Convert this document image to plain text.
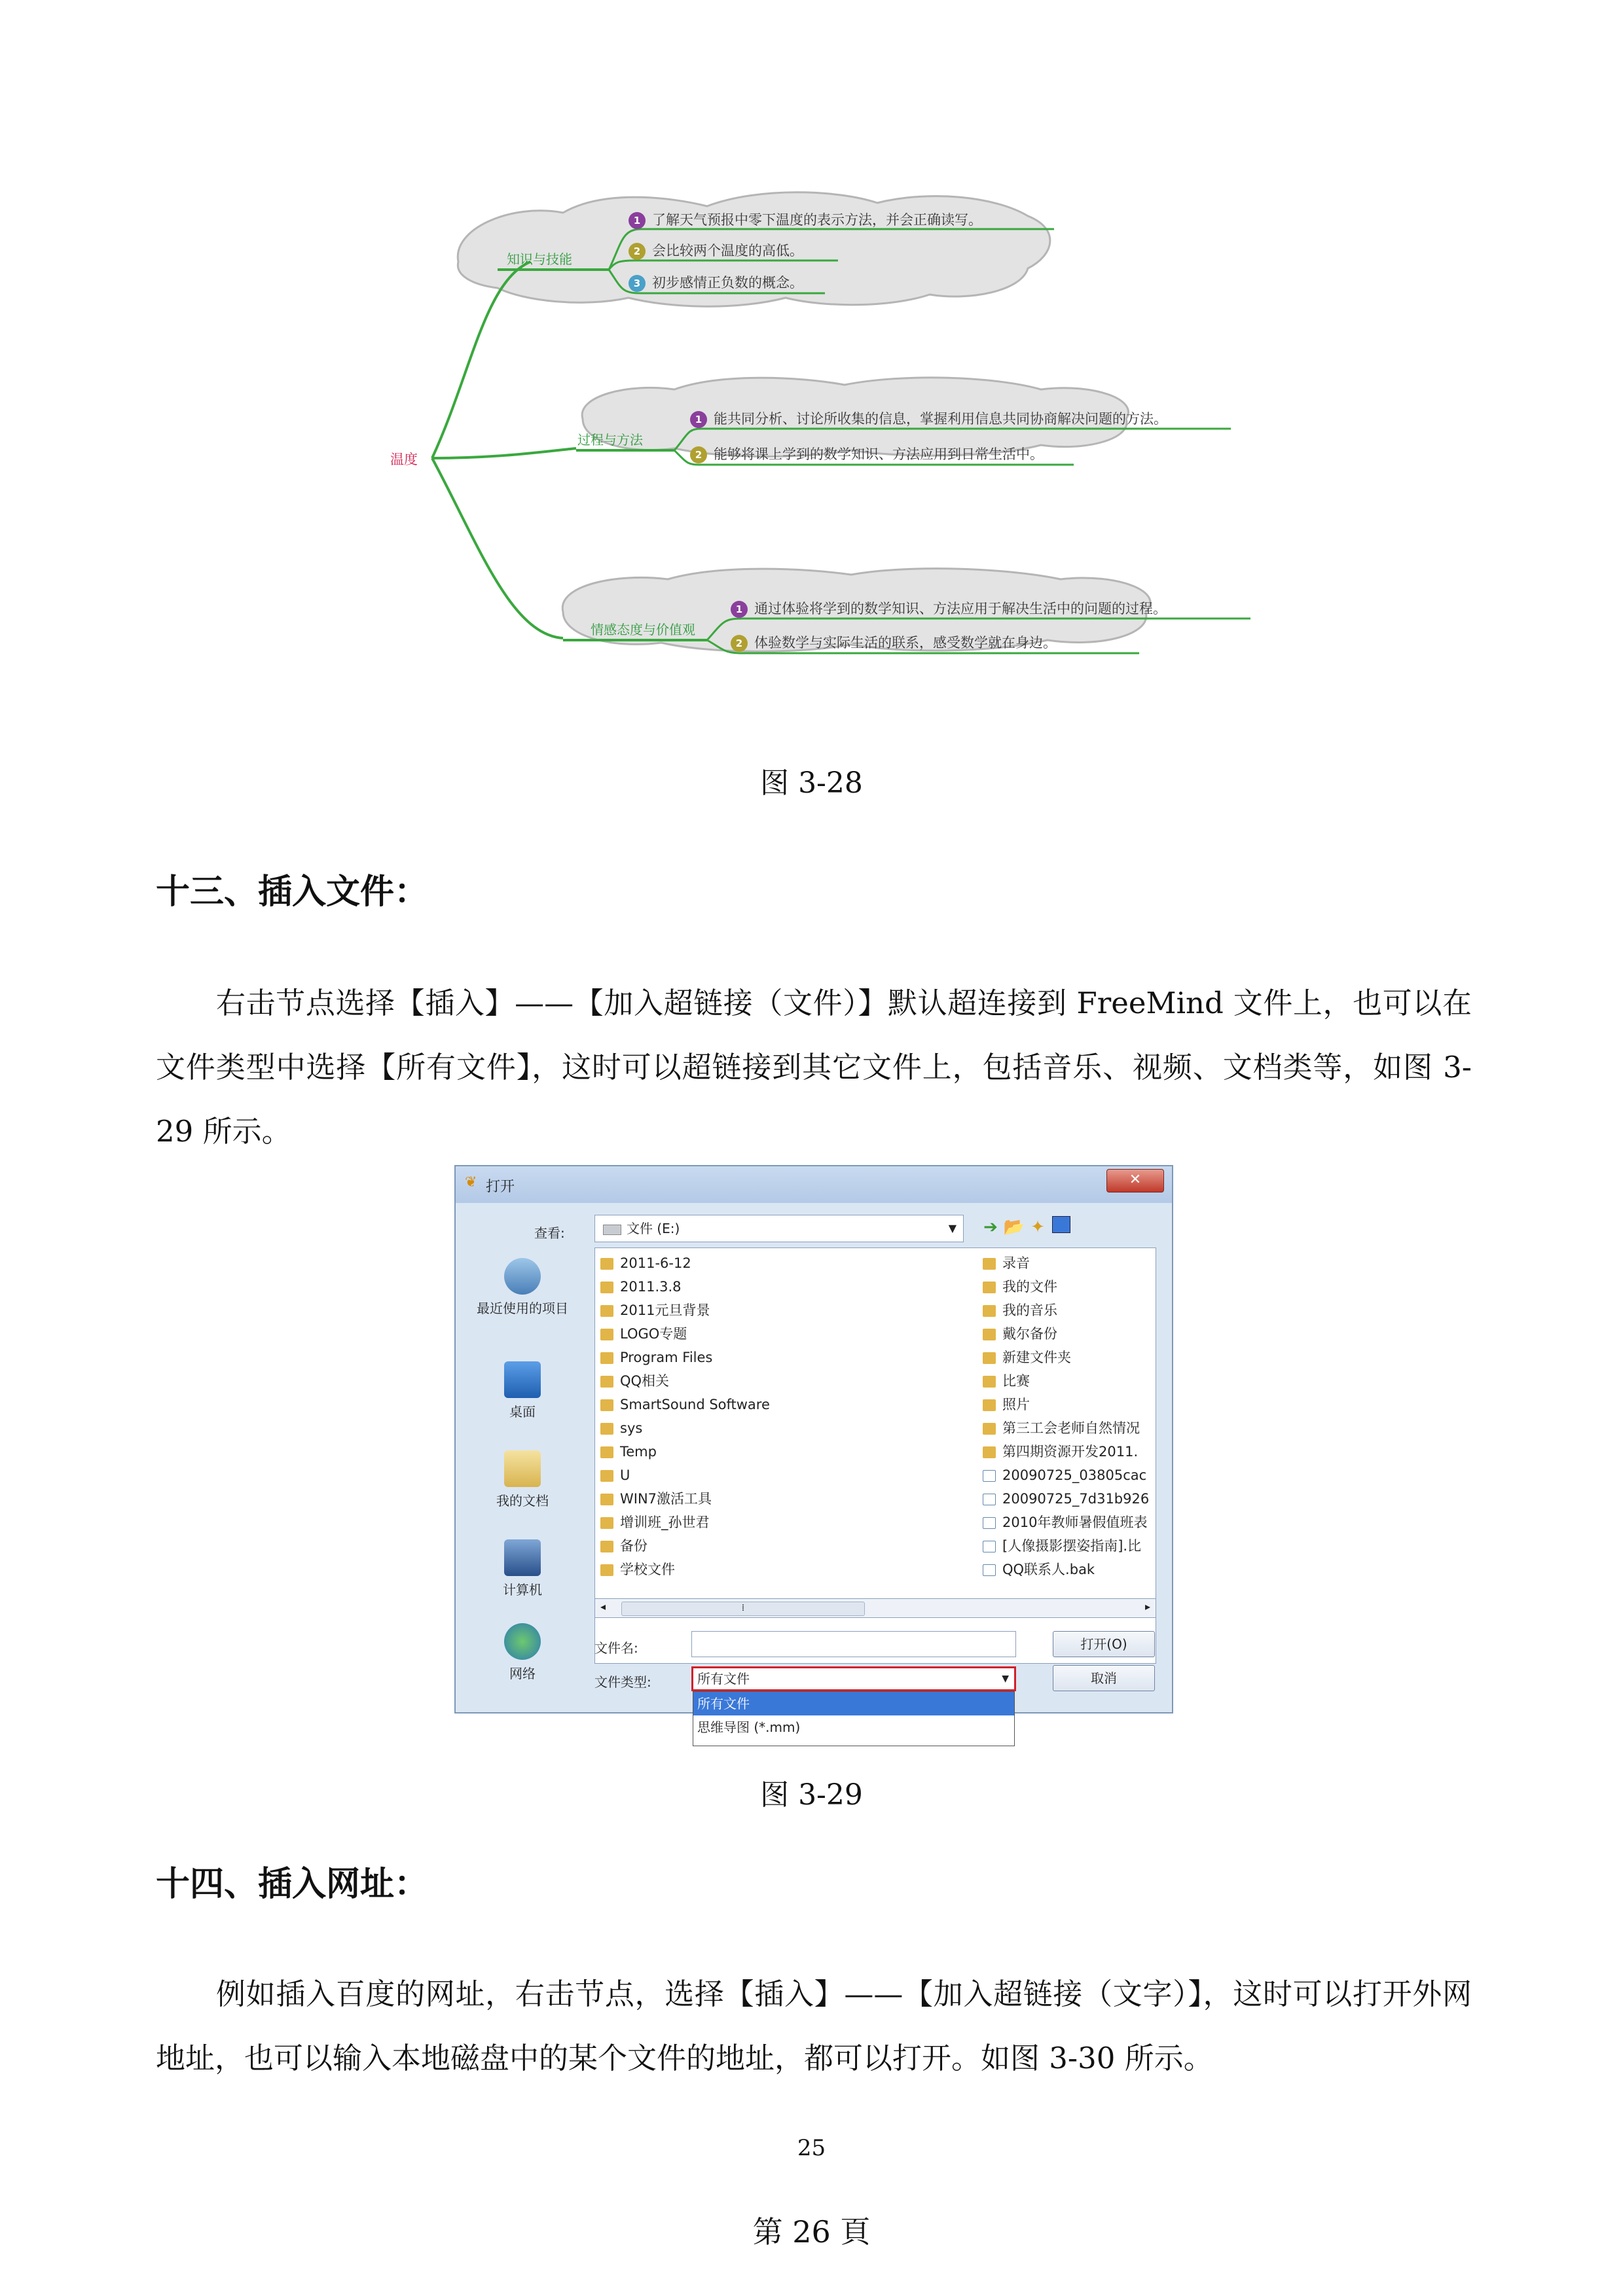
温度
知识与技能
1 了解天气预报中零下温度的表示方法，并会正确读写。
2 会比较两个温度的高低。
3 初步感情正负数的概念。
过程与方法
1 能共同分析、讨论所收集的信息，掌握利用信息共同协商解决问题的方法。
2 能够将课上学到的数学知识、方法应用到日常生活中。
情感态度与价值观
1 通过体验将学到的数学知识、方法应用于解决生活中的问题的过程。
2 体验数学与实际生活的联系，感受数学就在身边。
图 3-28
十三、插入文件：
右击节点选择【插入】——【加入超链接（文件）】默认超连接到 FreeMind 文件上，也可以在文件类型中选择【所有文件】，这时可以超链接到其它文件上，包括音乐、视频、文档类等，如图 3-29 所示。
❦ 打开	✕
查看:	文件 (E:)	▼ ➔ 📂 ✦
最近使用的项目
桌面
我的文档
计算机
网络
2011-6-12
2011.3.8
2011元旦背景
LOGO专题
Program Files
QQ相关
SmartSound Software
sys
Temp
U
WIN7激活工具
增训班_孙世君
备份
学校文件
录音
我的文件
我的音乐
戴尔备份
新建文件夹
比赛
照片
第三工会老师自然情况
第四期资源开发2011.
20090725_03805cac
20090725_7d31b926
2010年教师暑假值班表
[人像摄影摆姿指南].比
QQ联系人.bak
◂	⁞	▸
文件名:
文件类型:	所有文件	▼
所有文件
思维导图 (*.mm)
打开(O)
取消
图 3-29
十四、插入网址：
例如插入百度的网址，右击节点，选择【插入】——【加入超链接（文字）】，这时可以打开外网地址，也可以输入本地磁盘中的某个文件的地址，都可以打开。如图 3-30 所示。
25
第 26 頁
